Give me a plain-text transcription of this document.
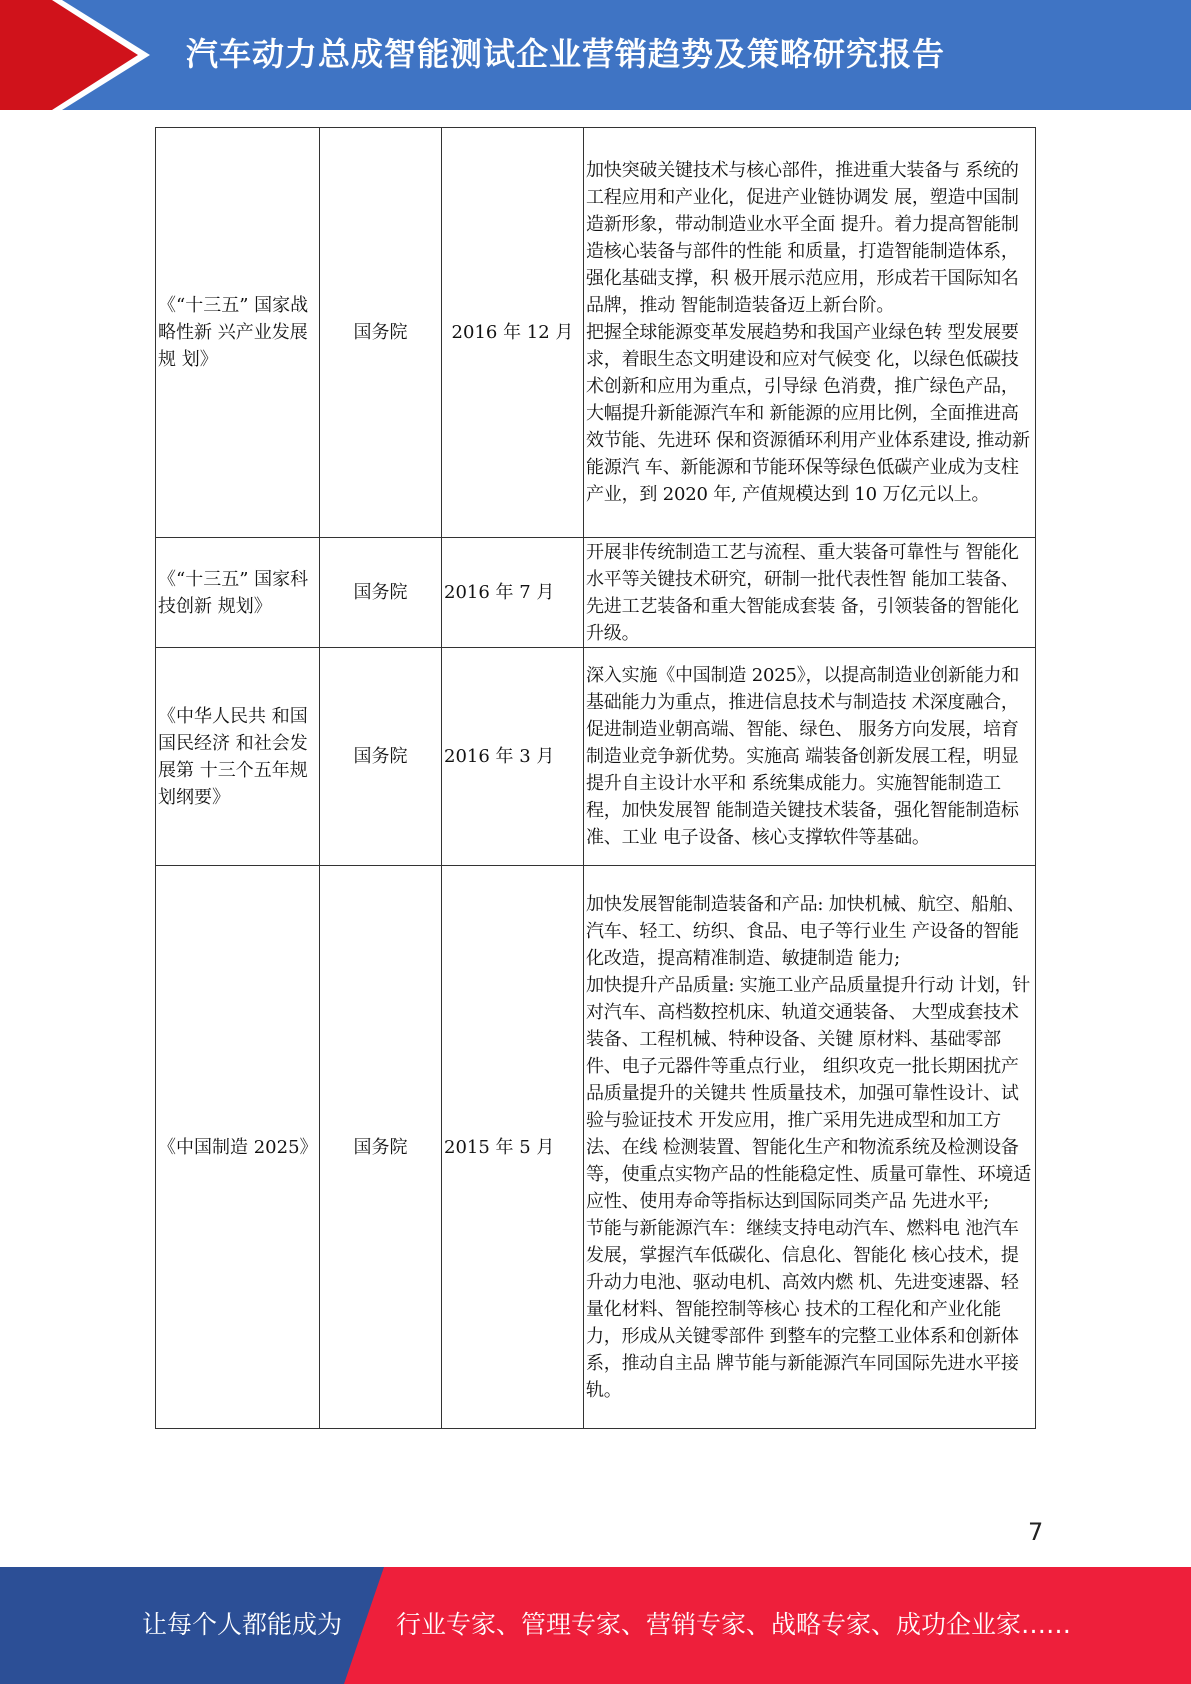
汽车动力总成智能测试企业营销趋势及策略研究报告
《“十三五” 国家战略性新 兴产业发展规 划》	国务院	2016 年 12 月	加快突破关键技术与核心部件，推进重大装备与 系统的工程应用和产业化，促进产业链协调发 展，塑造中国制造新形象，带动制造业水平全面 提升。着力提高智能制造核心装备与部件的性能 和质量，打造智能制造体系，强化基础支撑，积 极开展示范应用，形成若干国际知名品牌，推动 智能制造装备迈上新台阶。

把握全球能源变革发展趋势和我国产业绿色转 型发展要求，着眼生态文明建设和应对气候变 化，以绿色低碳技术创新和应用为重点，引导绿 色消费，推广绿色产品，大幅提升新能源汽车和 新能源的应用比例，全面推进高效节能、先进环 保和资源循环利用产业体系建设, 推动新能源汽 车、新能源和节能环保等绿色低碳产业成为支柱 产业，到 2020 年, 产值规模达到 10 万亿元以上。

《“十三五” 国家科技创新 规划》	国务院	2016 年 7 月	开展非传统制造工艺与流程、重大装备可靠性与 智能化水平等关键技术研究，研制一批代表性智 能加工装备、先进工艺装备和重大智能成套装 备，引领装备的智能化升级。

《中华人民共 和国国民经济 和社会发展第 十三个五年规 划纲要》	国务院	2016 年 3 月	深入实施《中国制造 2025》，以提高制造业创新能力和基础能力为重点，推进信息技术与制造技 术深度融合，促进制造业朝高端、智能、绿色、 服务方向发展，培育制造业竞争新优势。实施高 端装备创新发展工程，明显提升自主设计水平和 系统集成能力。实施智能制造工程，加快发展智 能制造关键技术装备，强化智能制造标准、工业 电子设备、核心支撑软件等基础。

《中国制造 2025》	国务院	2015 年 5 月	加快发展智能制造装备和产品: 加快机械、航空、船舶、汽车、轻工、纺织、食品、电子等行业生 产设备的智能化改造，提高精准制造、敏捷制造 能力;

加快提升产品质量: 实施工业产品质量提升行动 计划，针对汽车、高档数控机床、轨道交通装备、 大型成套技术装备、工程机械、特种设备、关键 原材料、基础零部件、电子元器件等重点行业， 组织攻克一批长期困扰产品质量提升的关键共 性质量技术，加强可靠性设计、试验与验证技术 开发应用，推广采用先进成型和加工方法、在线 检测装置、智能化生产和物流系统及检测设备 等，使重点实物产品的性能稳定性、质量可靠性、环境适应性、使用寿命等指标达到国际同类产品 先进水平;

节能与新能源汽车：继续支持电动汽车、燃料电 池汽车发展，掌握汽车低碳化、信息化、智能化 核心技术，提升动力电池、驱动电机、高效内燃 机、先进变速器、轻量化材料、智能控制等核心 技术的工程化和产业化能力，形成从关键零部件 到整车的完整工业体系和创新体系，推动自主品 牌节能与新能源汽车同国际先进水平接轨。

7
让每个人都能成为 行业专家、管理专家、营销专家、战略专家、成功企业家……
